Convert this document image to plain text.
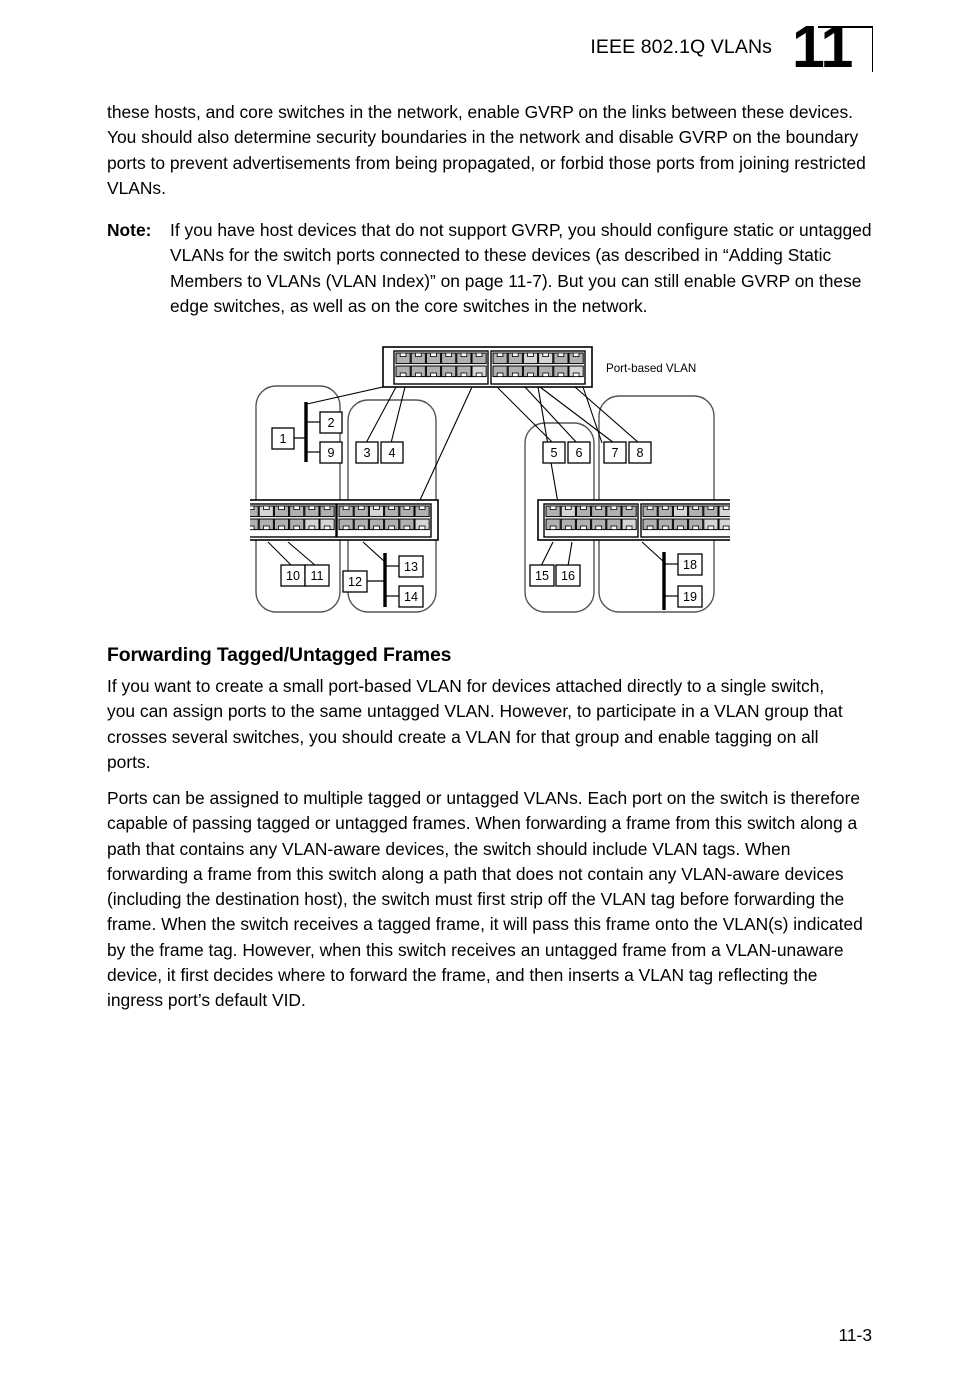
IEEE 802.1Q VLANs 11
these hosts, and core switches in the network, enable GVRP on the links between these devices. You should also determine security boundaries in the network and disable GVRP on the boundary ports to prevent advertisements from being propagated, or forbid those ports from joining restricted VLANs.
Note: If you have host devices that do not support GVRP, you should configure static or untagged VLANs for the switch ports connected to these devices (as described in “Adding Static Members to VLANs (VLAN Index)” on page 11-7). But you can still enable GVRP on these edge switches, as well as on the core switches in the network.
1
2
9 3 4	5 6 7 8
10 11 12
13
14
15 16
18
19
Port-based VLAN
Forwarding Tagged/Untagged Frames
If you want to create a small port-based VLAN for devices attached directly to a single switch, you can assign ports to the same untagged VLAN. However, to participate in a VLAN group that crosses several switches, you should create a VLAN for that group and enable tagging on all ports.
Ports can be assigned to multiple tagged or untagged VLANs. Each port on the switch is therefore capable of passing tagged or untagged frames. When forwarding a frame from this switch along a path that contains any VLAN-aware devices, the switch should include VLAN tags. When forwarding a frame from this switch along a path that does not contain any VLAN-aware devices (including the destination host), the switch must first strip off the VLAN tag before forwarding the frame. When the switch receives a tagged frame, it will pass this frame onto the VLAN(s) indicated by the frame tag. However, when this switch receives an untagged frame from a VLAN-unaware device, it first decides where to forward the frame, and then inserts a VLAN tag reflecting the ingress port’s default VID.
11-3
